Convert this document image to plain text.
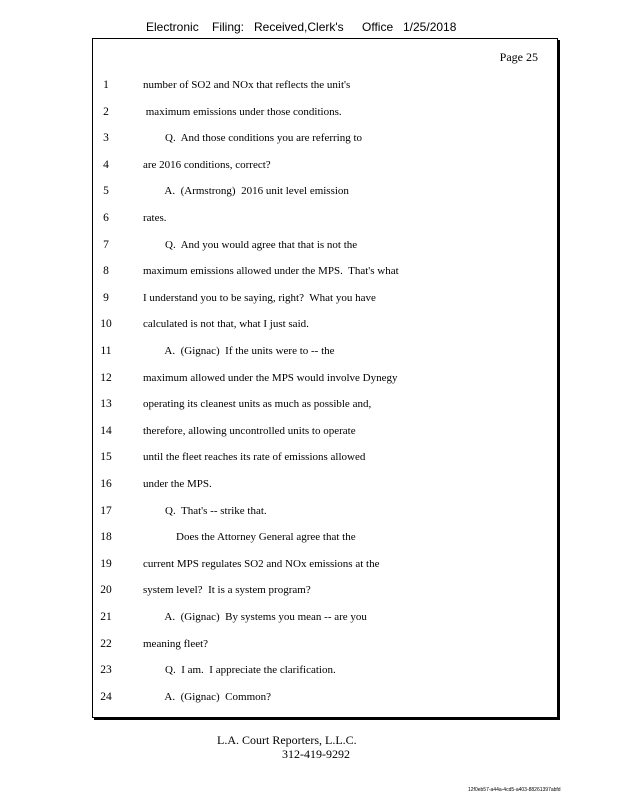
Electronic Filing: Received,Clerk's Office 1/25/2018
Page 25
1	number of SO2 and NOx that reflects the unit's
2	maximum emissions under those conditions.
3	Q.  And those conditions you are referring to
4	are 2016 conditions, correct?
5	A.  (Armstrong)  2016 unit level emission
6	rates.
7	Q.  And you would agree that that is not the
8	maximum emissions allowed under the MPS.  That's what
9	I understand you to be saying, right?  What you have
10	calculated is not that, what I just said.
11	A.  (Gignac)  If the units were to -- the
12	maximum allowed under the MPS would involve Dynegy
13	operating its cleanest units as much as possible and,
14	therefore, allowing uncontrolled units to operate
15	until the fleet reaches its rate of emissions allowed
16	under the MPS.
17	Q.  That's -- strike that.
18	Does the Attorney General agree that the
19	current MPS regulates SO2 and NOx emissions at the
20	system level?  It is a system program?
21	A.  (Gignac)  By systems you mean -- are you
22	meaning fleet?
23	Q.  I am.  I appreciate the clarification.
24	A.  (Gignac)  Common?
L.A. Court Reporters, L.L.C.
312-419-9292
12f0eb57-a44a-4cd5-a403-88261397abfd
